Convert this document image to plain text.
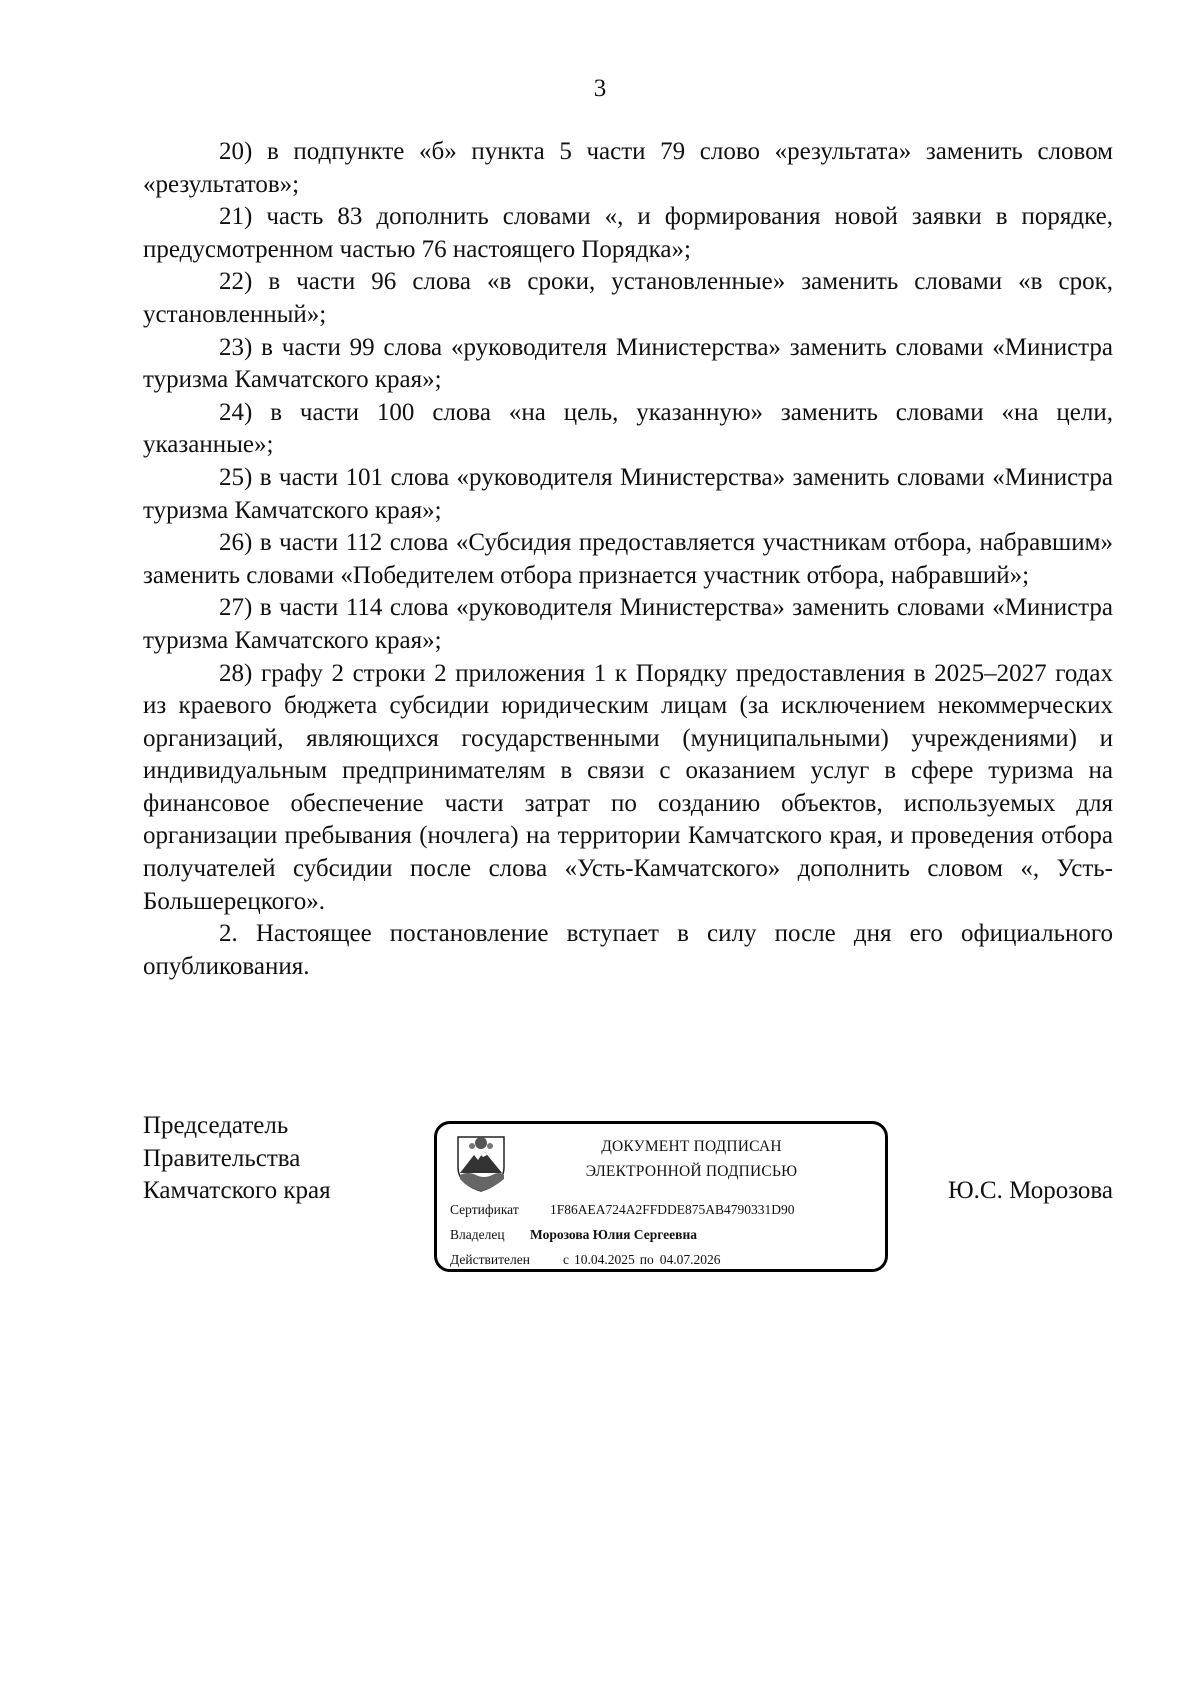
3

20) в подпункте «б» пункта 5 части 79 слово «результата» заменить словом «результатов»;

21) часть 83 дополнить словами «, и формирования новой заявки в порядке, предусмотренном частью 76 настоящего Порядка»;

22) в части 96 слова «в сроки, установленные» заменить словами «в срок, установленный»;

23) в части 99 слова «руководителя Министерства» заменить словами «Министра туризма Камчатского края»;

24) в части 100 слова «на цель, указанную» заменить словами «на цели, указанные»;

25) в части 101 слова «руководителя Министерства» заменить словами «Министра туризма Камчатского края»;

26) в части 112 слова «Субсидия предоставляется участникам отбора, набравшим» заменить словами «Победителем отбора признается участник отбора, набравший»;

27) в части 114 слова «руководителя Министерства» заменить словами «Министра туризма Камчатского края»;

28) графу 2 строки 2 приложения 1 к Порядку предоставления в 2025–2027 годах из краевого бюджета субсидии юридическим лицам (за исключением некоммерческих организаций, являющихся государственными (муниципальными) учреждениями) и индивидуальным предпринимателям в связи с оказанием услуг в сфере туризма на финансовое обеспечение части затрат по созданию объектов, используемых для организации пребывания (ночлега) на территории Камчатского края, и проведения отбора получателей субсидии после слова «Усть-Камчатского» дополнить словом «, Усть-Большерецкого».

2. Настоящее постановление вступает в силу после дня его официального опубликования.

Председатель
Правительства
Камчатского края
ДОКУМЕНТ ПОДПИСАН
ЭЛЕКТРОННОЙ ПОДПИСЬЮ
Сертификат 1F86AEA724A2FFDDE875AB4790331D90
Владелец Морозова Юлия Сергеевна
Действителен с 10.04.2025 по 04.07.2026
Ю.С. Морозова
